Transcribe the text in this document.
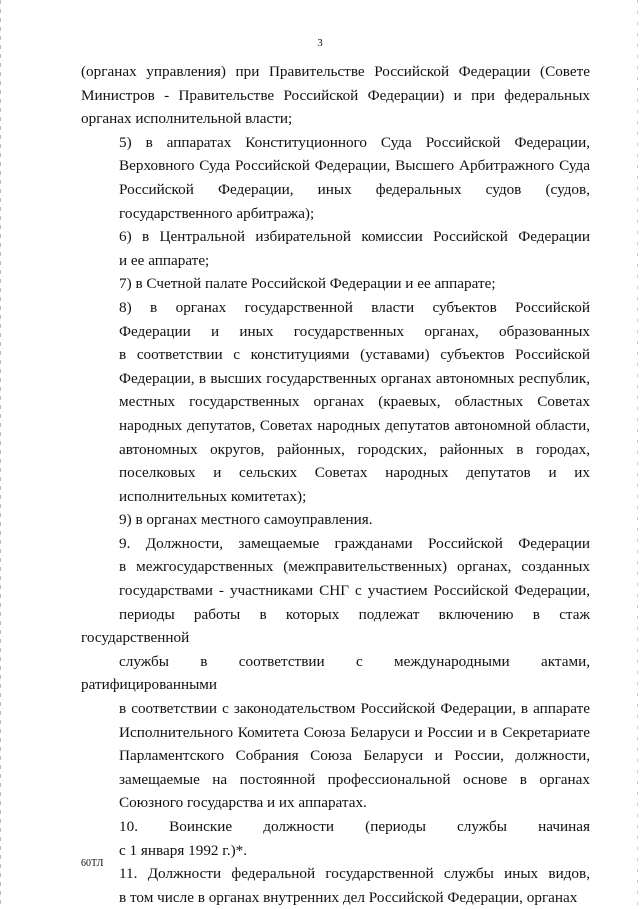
3
(органах управления) при Правительстве Российской Федерации (Совете
Министров - Правительстве Российской Федерации) и при федеральных
органах исполнительной власти;
5) в аппаратах Конституционного Суда Российской Федерации,
Верховного Суда Российской Федерации, Высшего Арбитражного Суда
Российской Федерации, иных федеральных судов (судов,
государственного арбитража);
6) в Центральной избирательной комиссии Российской Федерации
и ее аппарате;
7) в Счетной палате Российской Федерации и ее аппарате;
8) в органах государственной власти субъектов Российской
Федерации и иных государственных органах, образованных
в соответствии с конституциями (уставами) субъектов Российской
Федерации, в высших государственных органах автономных республик,
местных государственных органах (краевых, областных Советах
народных депутатов, Советах народных депутатов автономной области,
автономных округов, районных, городских, районных в городах,
поселковых и сельских Советах народных депутатов и их
исполнительных комитетах);
9) в органах местного самоуправления.
9. Должности, замещаемые гражданами Российской Федерации
в межгосударственных (межправительственных) органах, созданных
государствами - участниками СНГ с участием Российской Федерации,
периоды работы в которых подлежат включению в стаж государственной
службы в соответствии с международными актами, ратифицированными
в соответствии с законодательством Российской Федерации, в аппарате
Исполнительного Комитета Союза Беларуси и России и в Секретариате
Парламентского Собрания Союза Беларуси и России, должности,
замещаемые на постоянной профессиональной основе в органах
Союзного государства и их аппаратах.
10. Воинские должности (периоды службы начиная
с 1 января 1992 г.)*.
11. Должности федеральной государственной службы иных видов,
в том числе в органах внутренних дел Российской Федерации, органах
60ТЛ
